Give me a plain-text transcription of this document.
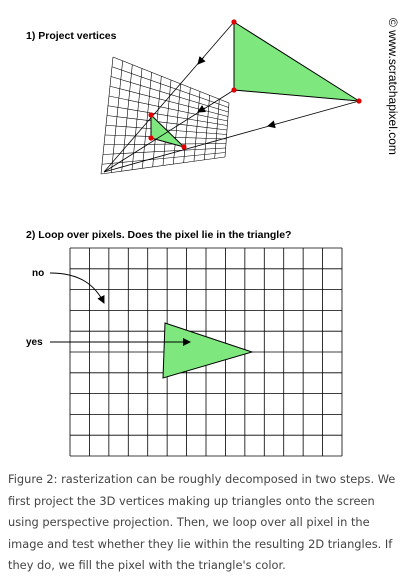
1) Project vertices	© www.scratchapixel.com
2) Loop over pixels. Does the pixel lie in the triangle?
no
yes

Figure 2: rasterization can be roughly decomposed in two steps. We first project the 3D vertices making up triangles onto the screen using perspective projection. Then, we loop over all pixel in the image and test whether they lie within the resulting 2D triangles. If they do, we fill the pixel with the triangle's color.
